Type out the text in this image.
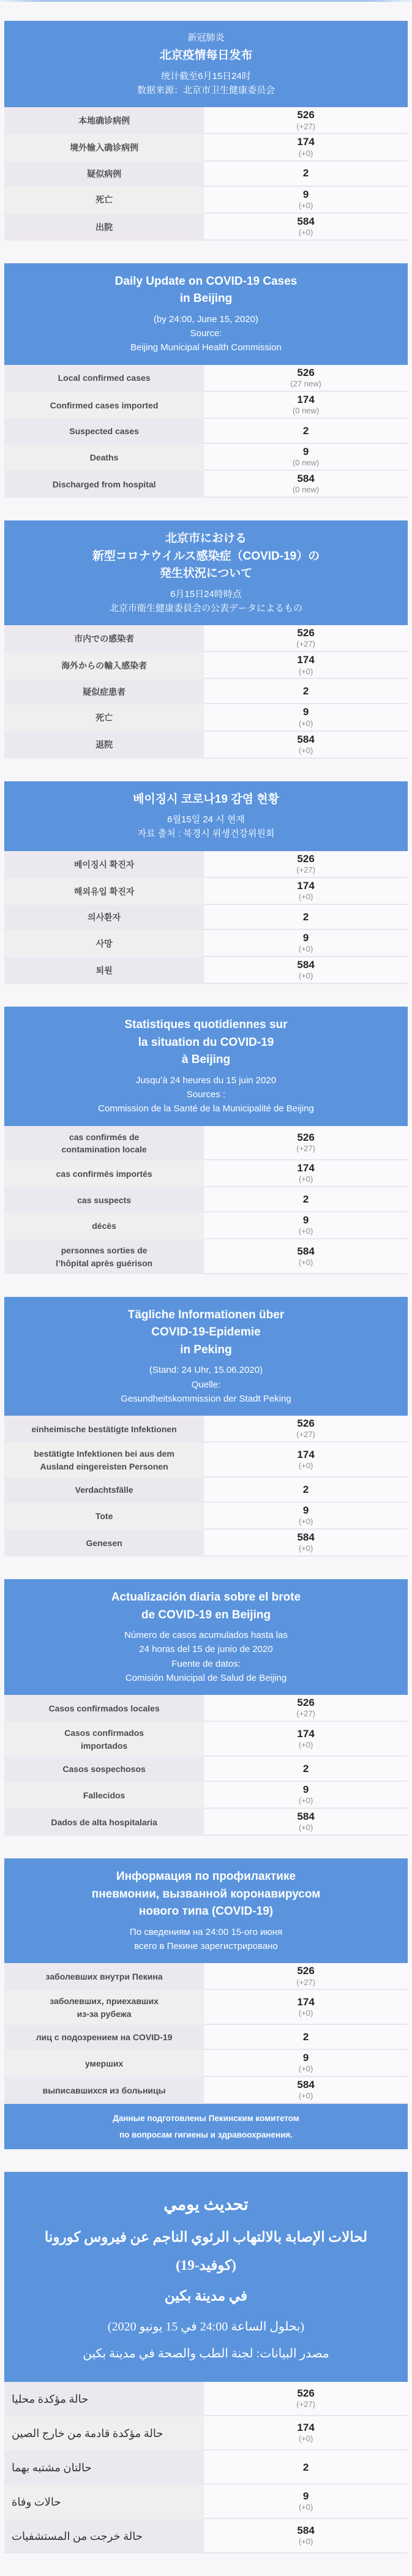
新冠肺炎
北京疫情每日发布
统计截至6月15日24时
数据来源：北京市卫生健康委员会
本地确诊病例	526
(+27)
境外输入确诊病例	174
(+0)
疑似病例	2
死亡	9
(+0)
出院	584
(+0)
Daily Update on COVID-19 Cases
in Beijing
(by 24:00, June 15, 2020)
Source:
Beijing Municipal Health Commission
Local confirmed cases	526
(27 new)
Confirmed cases imported	174
(0 new)
Suspected cases	2
Deaths	9
(0 new)
Discharged from hospital	584
(0 new)
北京市における
新型コロナウイルス感染症（COVID-19）の
発生状況について
6月15日24時時点
北京市衛生健康委員会の公表データによるもの
市内での感染者	526
(+27)
海外からの輸入感染者	174
(+0)
疑似症患者	2
死亡	9
(+0)
退院	584
(+0)
베이징시 코로나19 감염 현황
6월15일 24 시 현재
자료 출처 : 북경시 위생건강위원회
베이징시 확진자	526
(+27)
해외유입 확진자	174
(+0)
의사환자	2
사망	9
(+0)
퇴원	584
(+0)
Statistiques quotidiennes sur
la situation du COVID-19
à Beijing
Jusqu’à 24 heures du 15 juin 2020
Sources :
Commission de la Santé de la Municipalité de Beijing
cas confirmés de
contamination locale
526
(+27)
cas confirmés importés	174
(+0)
cas suspects	2
décès	9
(+0)
personnes sorties de
l’hôpital après guérison
584
(+0)
Tägliche Informationen über
COVID-19-Epidemie
in Peking
(Stand: 24 Uhr, 15.06.2020)
Quelle:
Gesundheitskommission der Stadt Peking
einheimische bestätigte Infektionen	526
(+27)
bestätigte Infektionen bei aus dem
Ausland eingereisten Personen
174
(+0)
Verdachtsfälle	2
Tote	9
(+0)
Genesen	584
(+0)
Actualización diaria sobre el brote
de COVID-19 en Beijing
Número de casos acumulados hasta las
24 horas del 15 de junio de 2020
Fuente de datos:
Comisión Municipal de Salud de Beijing
Casos confirmados locales	526
(+27)
Casos confirmados
importados
174
(+0)
Casos sospechosos	2
Fallecidos	9
(+0)
Dados de alta hospitalaria	584
(+0)
Информация по профилактике
пневмонии, вызванной коронавирусом
нового типа (COVID-19)
По сведениям на 24:00 15-ого июня
всего в Пекине зарегистрировано
заболевших внутри Пекина	526
(+27)
заболевших, приехавших
из-за рубежа
174
(+0)
лиц с подозрением на COVID-19	2
умерших	9
(+0)
выписавшихся из больницы	584
(+0)
Данные подготовлены Пекинским комитетом
по вопросам гигиены и здравоохранения.
تحديث يومي
لحالات الإصابة بالالتهاب الرئوي الناجم عن فيروس كورونا (كوفيد-19)
في مدينة بكين
(بحلول الساعة 24:00 في 15 يونيو 2020)
مصدر البيانات: لجنة الطب والصحة في مدينة بكين
حالة مؤكدة محليا	526
(+27)
حالة مؤكدة قادمة من خارج الصين	174
(+0)
حالتان مشتبه بهما	2
حالات وفاة	9
(+0)
حالة خرجت من المستشفيات	584
(+0)
